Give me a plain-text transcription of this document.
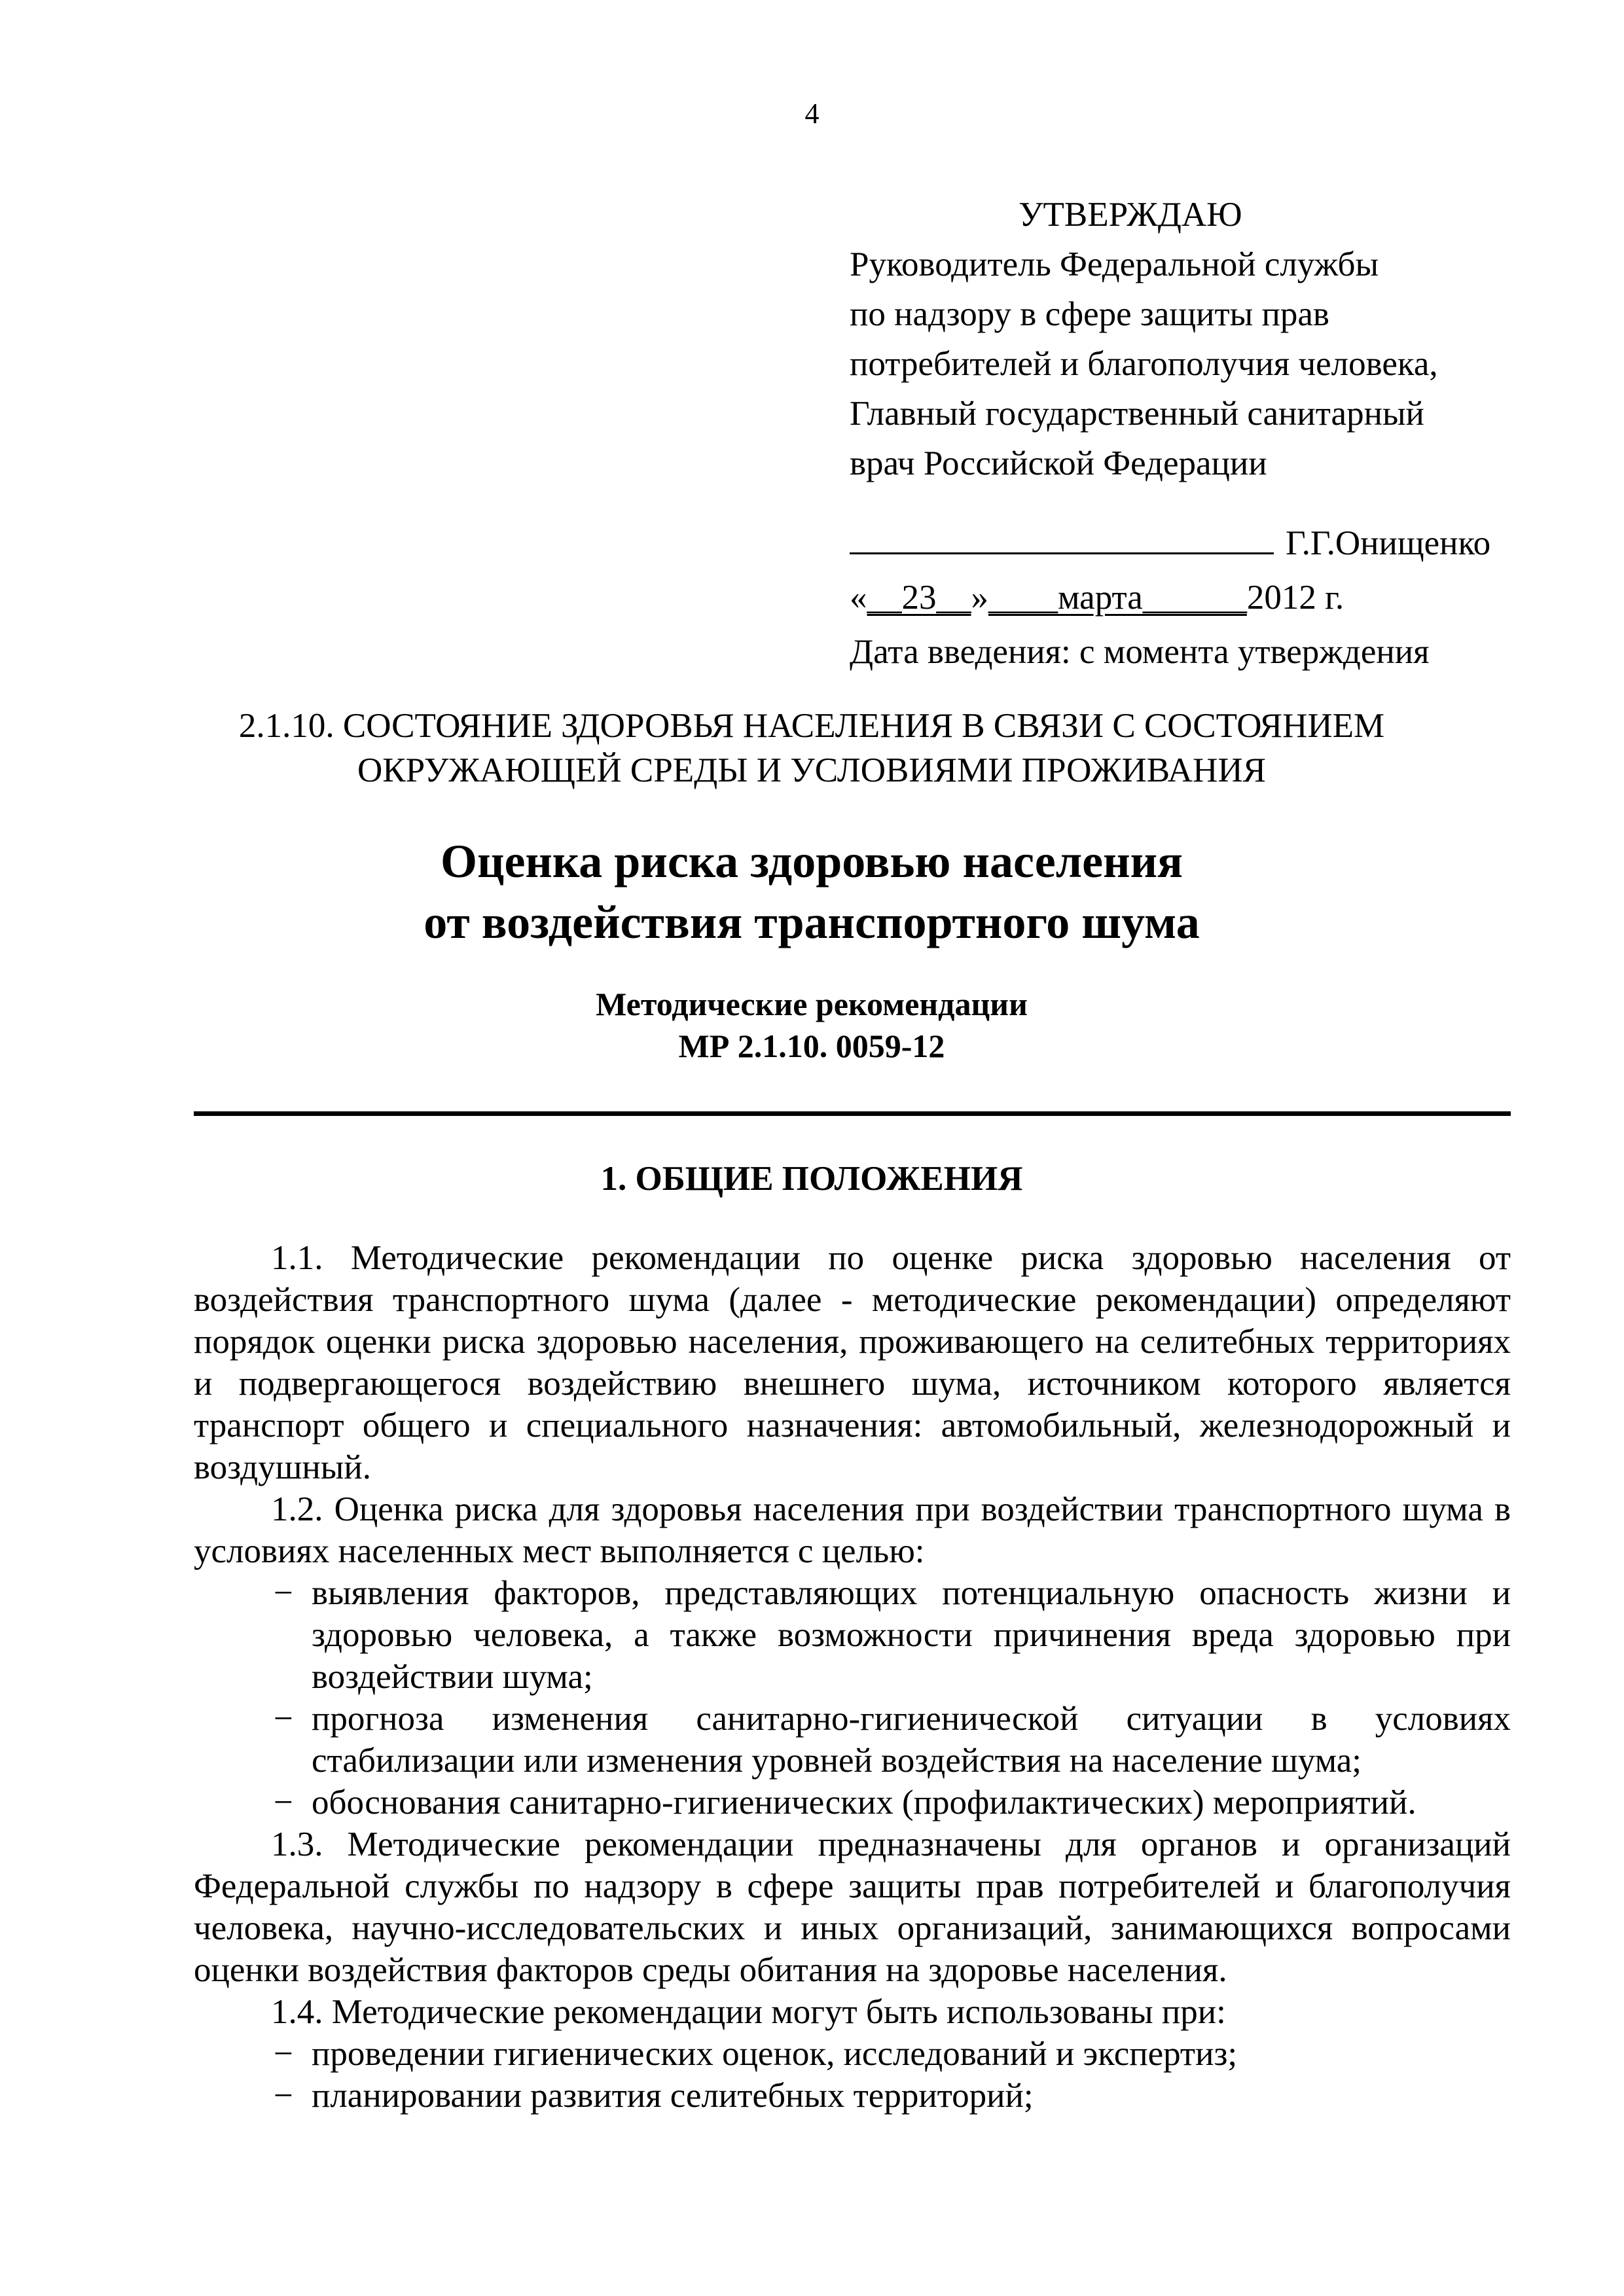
4
УТВЕРЖДАЮ
Руководитель Федеральной службы
по надзору в сфере защиты прав
потребителей и благополучия человека,
Главный государственный санитарный
врач Российской Федерации
Г.Г.Онищенко
«__23__»____марта______2012 г.
Дата введения: с момента утверждения
2.1.10. СОСТОЯНИЕ ЗДОРОВЬЯ НАСЕЛЕНИЯ В СВЯЗИ С СОСТОЯНИЕМ
ОКРУЖАЮЩЕЙ СРЕДЫ И УСЛОВИЯМИ ПРОЖИВАНИЯ
Оценка риска здоровью населения
от воздействия транспортного шума
Методические рекомендации
МР 2.1.10. 0059-12
1. ОБЩИЕ ПОЛОЖЕНИЯ

1.1. Методические рекомендации по оценке риска здоровью населения от воздействия транспортного шума (далее - методические рекомендации) определяют порядок оценки риска здоровью населения, проживающего на селитебных территориях и подвергающегося воздействию внешнего шума, источником которого является транспорт общего и специального назначения: автомобильный, железнодорожный и воздушный.

1.2. Оценка риска для здоровья населения при воздействии транспортного шума в условиях населенных мест выполняется с целью:

− выявления факторов, представляющих потенциальную опасность жизни и здоровью человека, а также возможности причинения вреда здоровью при воздействии шума;
− прогноза изменения санитарно-гигиенической ситуации в условиях стабилизации или изменения уровней воздействия на население шума;
− обоснования санитарно-гигиенических (профилактических) мероприятий.

1.3. Методические рекомендации предназначены для органов и организаций Федеральной службы по надзору в сфере защиты прав потребителей и благополучия человека, научно-исследовательских и иных организаций, занимающихся вопросами оценки воздействия факторов среды обитания на здоровье населения.

1.4. Методические рекомендации могут быть использованы при:

− проведении гигиенических оценок, исследований и экспертиз;
− планировании развития селитебных территорий;
